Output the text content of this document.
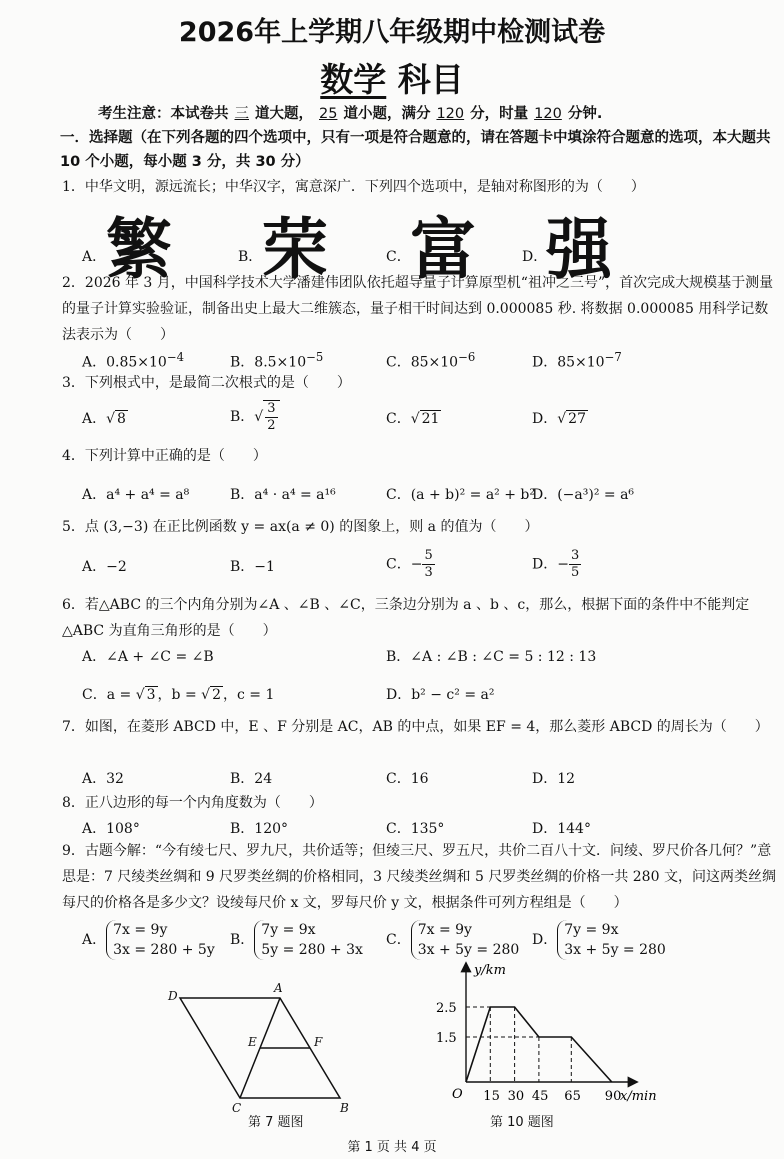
2026年上学期八年级期中检测试卷
数学 科目
考生注意：本试卷共 三 道大题， 25 道小题，满分 120 分，时量 120 分钟.
一．选择题（在下列各题的四个选项中，只有一项是符合题意的，请在答题卡中填涂符合题意的选项，本大题共 10 个小题，每小题 3 分，共 30 分）
1．中华文明，源远流长；中华汉字，寓意深广．下列四个选项中，是轴对称图形的为（　　）
A． 繁	B． 荣	C． 富	D．
强
2．2026 年 3 月，中国科学技术大学潘建伟团队依托超导量子计算原型机“祖冲之三号”，首次完成大规模基于测量的量子计算实验验证，制备出史上最大二维簇态，量子相干时间达到 0.000085 秒. 将数据 0.000085 用科学记数法表示为（　　）
A．$0.85\times 10^{-4}$	B．$8.5\times 10^{-5}$	C．$85\times 10^{-6}$	D．$85\times 10^{-7}$
3．下列根式中，是最简二次根式的是（　　）
A．√ 8	B．√ $\frac{3}{2}$	C．√ 21	D．√ 27
4．下列计算中正确的是（　　）
A．a⁴ + a⁴ = a⁸	B．a⁴ · a⁴ = a¹⁶	C．(a + b)² = a² + b²
D．(−a³)² = a⁶
5．点 (3,−3) 在正比例函数 y = ax(a ≠ 0) 的图象上，则 a 的值为（　　）
A．−2	B．−1	C．− $\frac{5}{3}$	D．− $\frac{3}{5}$
6．若△ABC 的三个内角分别为∠A 、∠B 、∠C，三条边分别为 a 、b 、c，那么，根据下面的条件中不能判定△ABC 为直角三角形的是（　　）
A．∠A + ∠C = ∠B	B．∠A : ∠B : ∠C = 5 : 12 : 13
C．a = √ 3 ，b = √ 2 ，c = 1	D．b² − c² = a²
7．如图，在菱形 ABCD 中，E 、F 分别是 AC，AB 的中点，如果 EF = 4，那么菱形 ABCD 的周长为（　　）
A．32	B．24	C．16	D．12
8．正八边形的每一个内角度数为（　　）
A．108°	B．120°	C．135°	D．144°
9．古题今解：“今有绫七尺、罗九尺，共价适等；但绫三尺、罗五尺，共价二百八十文．问绫、罗尺价各几何？”意思是：7 尺绫类丝绸和 9 尺罗类丝绸的价格相同，3 尺绫类丝绸和 5 尺罗类丝绸的价格一共 280 文，问这两类丝绸每尺的价格各是多少文？设绫每尺价 x 文，罗每尺价 y 文，根据条件可列方程组是（　　）
A．7x = 9y
3x = 280 + 5y
B．7y = 9x
5y = 280 + 3x
C．7x = 9y
3x + 5y = 280
D．7y = 9x
3x + 5y = 280
D
A
E	F
C	B
第 7 题图
y/km
x/min
O
2.5
1.5
15 30 45 65 90
第 10 题图
第 1 页 共 4 页
